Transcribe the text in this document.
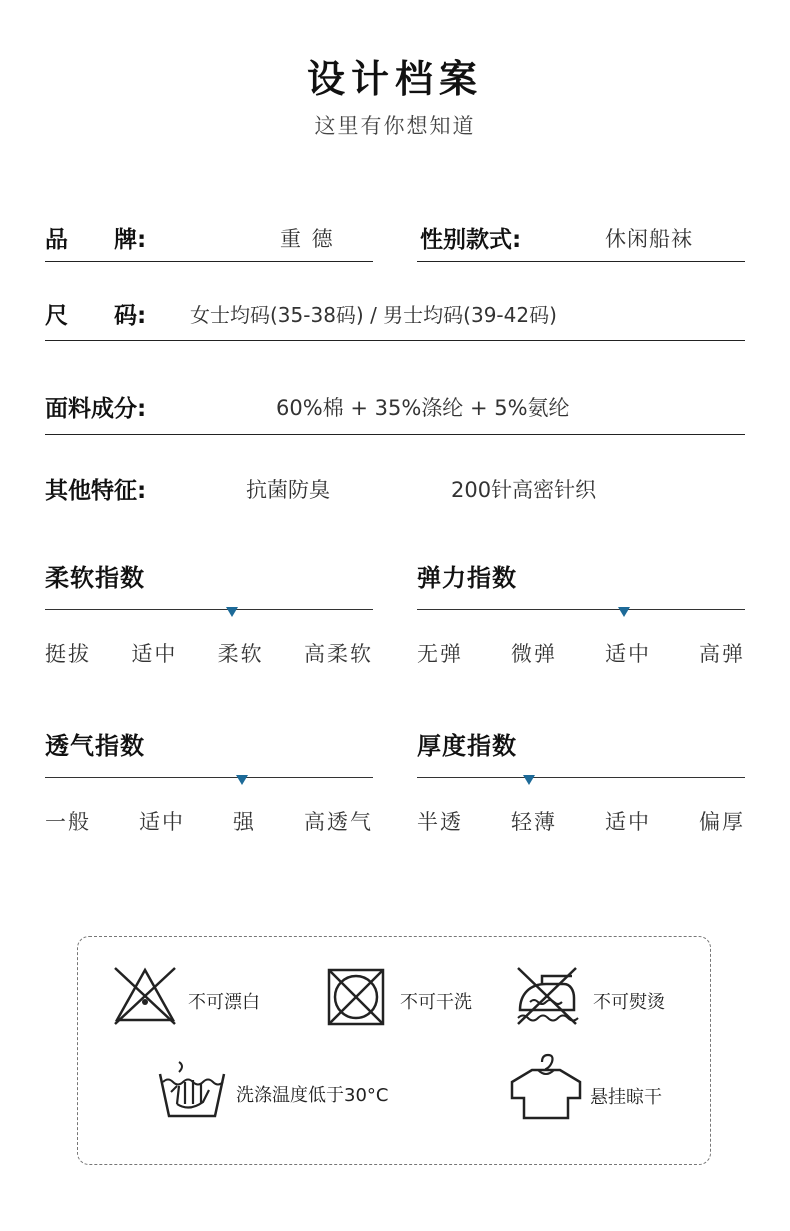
设计档案
这里有你想知道
品　　牌:	重 德	性别款式:	休闲船袜
尺　　码: 女士均码(35-38码) / 男士均码(39-42码)
面料成分:	60%棉 + 35%涤纶 + 5%氨纶
其他特征:	抗菌防臭	200针高密针织
柔软指数
挺拔 适中 柔软 高柔软
弹力指数
无弹 微弹 适中 高弹
透气指数
一般 适中 强 高透气
厚度指数
半透 轻薄 适中 偏厚
不可漂白	不可干洗	不可熨烫
洗涤温度低于30°C	悬挂晾干
